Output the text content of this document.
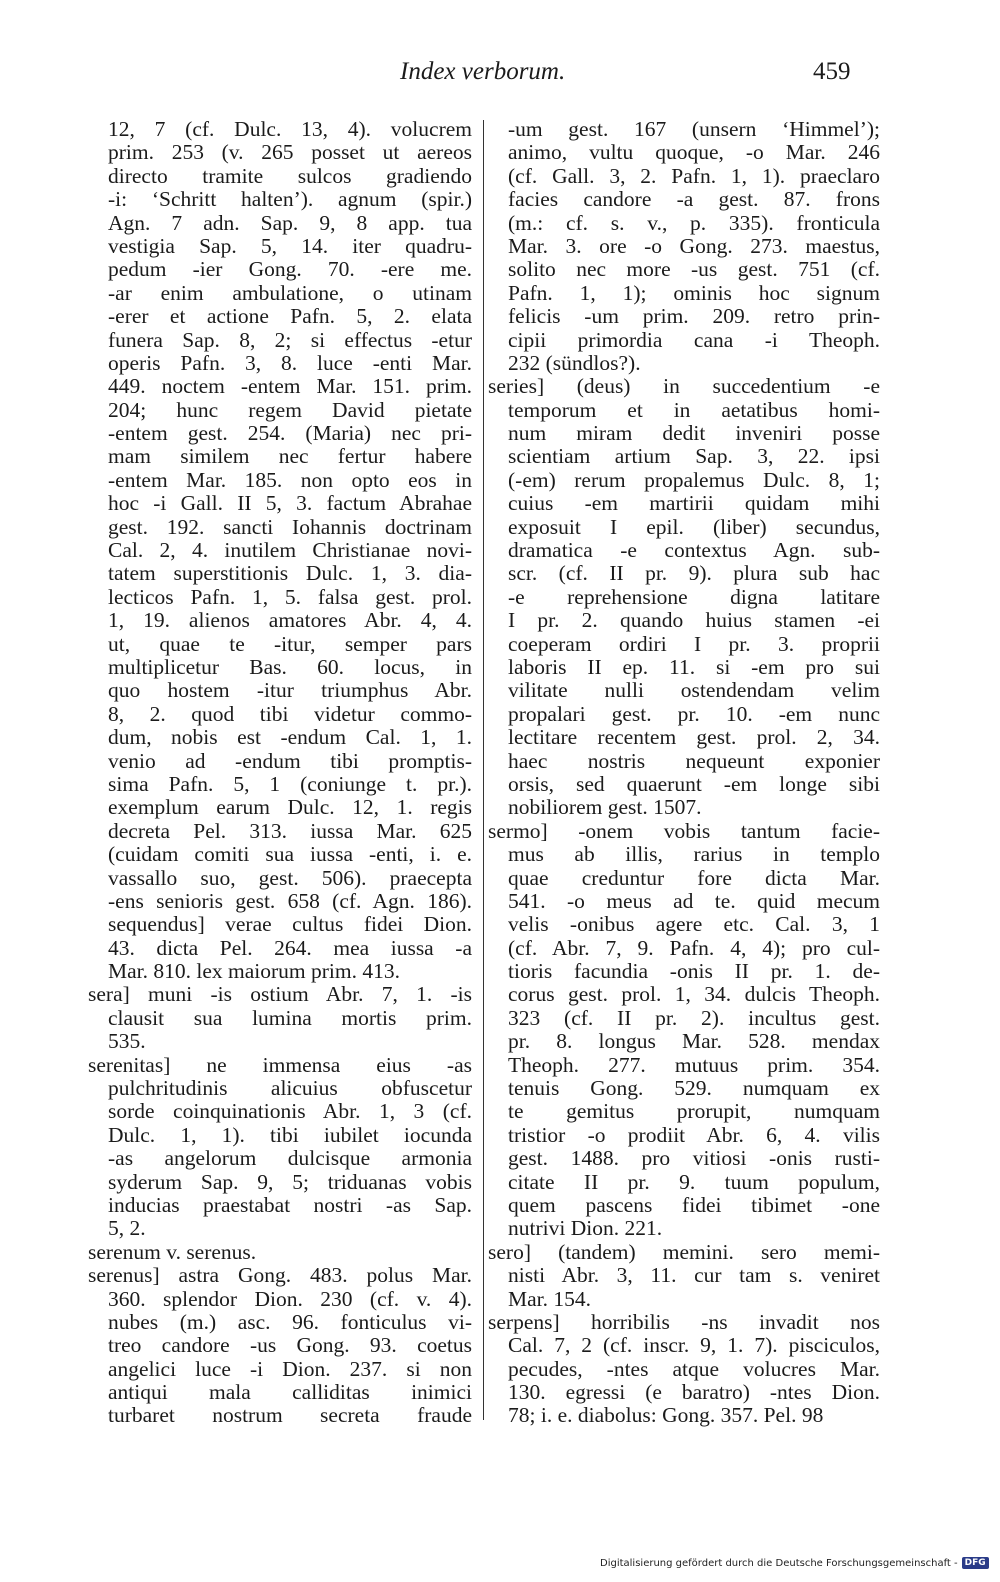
Index verborum.	459
12, 7 (cf. Dulc. 13, 4). volucrem
prim. 253 (v. 265 posset ut aereos
directo tramite sulcos gradiendo
-i: ‘Schritt halten’). agnum (spir.)
Agn. 7 adn. Sap. 9, 8 app. tua
vestigia Sap. 5, 14. iter quadru-
pedum -ier Gong. 70. -ere me.
-ar enim ambulatione, o utinam
-erer et actione Pafn. 5, 2. elata
funera Sap. 8, 2; si effectus -etur
operis Pafn. 3, 8. luce -enti Mar.
449. noctem -entem Mar. 151. prim.
204; hunc regem David pietate
-entem gest. 254. (Maria) nec pri-
mam similem nec fertur habere
-entem Mar. 185. non opto eos in
hoc -i Gall. II 5, 3. factum Abrahae
gest. 192. sancti Iohannis doctrinam
Cal. 2, 4. inutilem Christianae novi-
tatem superstitionis Dulc. 1, 3. dia-
lecticos Pafn. 1, 5. falsa gest. prol.
1, 19. alienos amatores Abr. 4, 4.
ut, quae te -itur, semper pars
multiplicetur Bas. 60. locus, in
quo hostem -itur triumphus Abr.
8, 2. quod tibi videtur commo-
dum, nobis est -endum Cal. 1, 1.
venio ad -endum tibi promptis-
sima Pafn. 5, 1 (coniunge t. pr.).
exemplum earum Dulc. 12, 1. regis
decreta Pel. 313. iussa Mar. 625
(cuidam comiti sua iussa -enti, i. e.
vassallo suo, gest. 506). praecepta
-ens senioris gest. 658 (cf. Agn. 186).
sequendus] verae cultus fidei Dion.
43. dicta Pel. 264. mea iussa -a
Mar. 810. lex maiorum prim. 413.
sera] muni -is ostium Abr. 7, 1. -is
clausit sua lumina mortis prim.
535.
serenitas] ne immensa eius -as
pulchritudinis alicuius obfuscetur
sorde coinquinationis Abr. 1, 3 (cf.
Dulc. 1, 1). tibi iubilet iocunda
-as angelorum dulcisque armonia
syderum Sap. 9, 5; triduanas vobis
inducias praestabat nostri -as Sap.
5, 2.
serenum v. serenus.
serenus] astra Gong. 483. polus Mar.
360. splendor Dion. 230 (cf. v. 4).
nubes (m.) asc. 96. fonticulus vi-
treo candore -us Gong. 93. coetus
angelici luce -i Dion. 237. si non
antiqui mala calliditas inimici
turbaret nostrum secreta fraude
-um gest. 167 (unsern ‘Himmel’);
animo, vultu quoque, -o Mar. 246
(cf. Gall. 3, 2. Pafn. 1, 1). praeclaro
facies candore -a gest. 87. frons
(m.: cf. s. v., p. 335). fronticula
Mar. 3. ore -o Gong. 273. maestus,
solito nec more -us gest. 751 (cf.
Pafn. 1, 1); ominis hoc signum
felicis -um prim. 209. retro prin-
cipii primordia cana -i Theoph.
232 (sündlos?).
series] (deus) in succedentium -e
temporum et in aetatibus homi-
num miram dedit inveniri posse
scientiam artium Sap. 3, 22. ipsi
(-em) rerum propalemus Dulc. 8, 1;
cuius -em martirii quidam mihi
exposuit I epil. (liber) secundus,
dramatica -e contextus Agn. sub-
scr. (cf. II pr. 9). plura sub hac
-e reprehensione digna latitare
I pr. 2. quando huius stamen -ei
coeperam ordiri I pr. 3. proprii
laboris II ep. 11. si -em pro sui
vilitate nulli ostendendam velim
propalari gest. pr. 10. -em nunc
lectitare recentem gest. prol. 2, 34.
haec nostris nequeunt exponier
orsis, sed quaerunt -em longe sibi
nobiliorem gest. 1507.
sermo] -onem vobis tantum facie-
mus ab illis, rarius in templo
quae creduntur fore dicta Mar.
541. -o meus ad te. quid mecum
velis -onibus agere etc. Cal. 3, 1
(cf. Abr. 7, 9. Pafn. 4, 4); pro cul-
tioris facundia -onis II pr. 1. de-
corus gest. prol. 1, 34. dulcis Theoph.
323 (cf. II pr. 2). incultus gest.
pr. 8. longus Mar. 528. mendax
Theoph. 277. mutuus prim. 354.
tenuis Gong. 529. numquam ex
te gemitus prorupit, numquam
tristior -o prodiit Abr. 6, 4. vilis
gest. 1488. pro vitiosi -onis rusti-
citate II pr. 9. tuum populum,
quem pascens fidei tibimet -one
nutrivi Dion. 221.
sero] (tandem) memini. sero memi-
nisti Abr. 3, 11. cur tam s. veniret
Mar. 154.
serpens] horribilis -ns invadit nos
Cal. 7, 2 (cf. inscr. 9, 1. 7). pisciculos,
pecudes, -ntes atque volucres Mar.
130. egressi (e baratro) -ntes Dion.
78; i. e. diabolus: Gong. 357. Pel. 98
Digitalisierung gefördert durch die Deutsche Forschungsgemeinschaft - DFG
